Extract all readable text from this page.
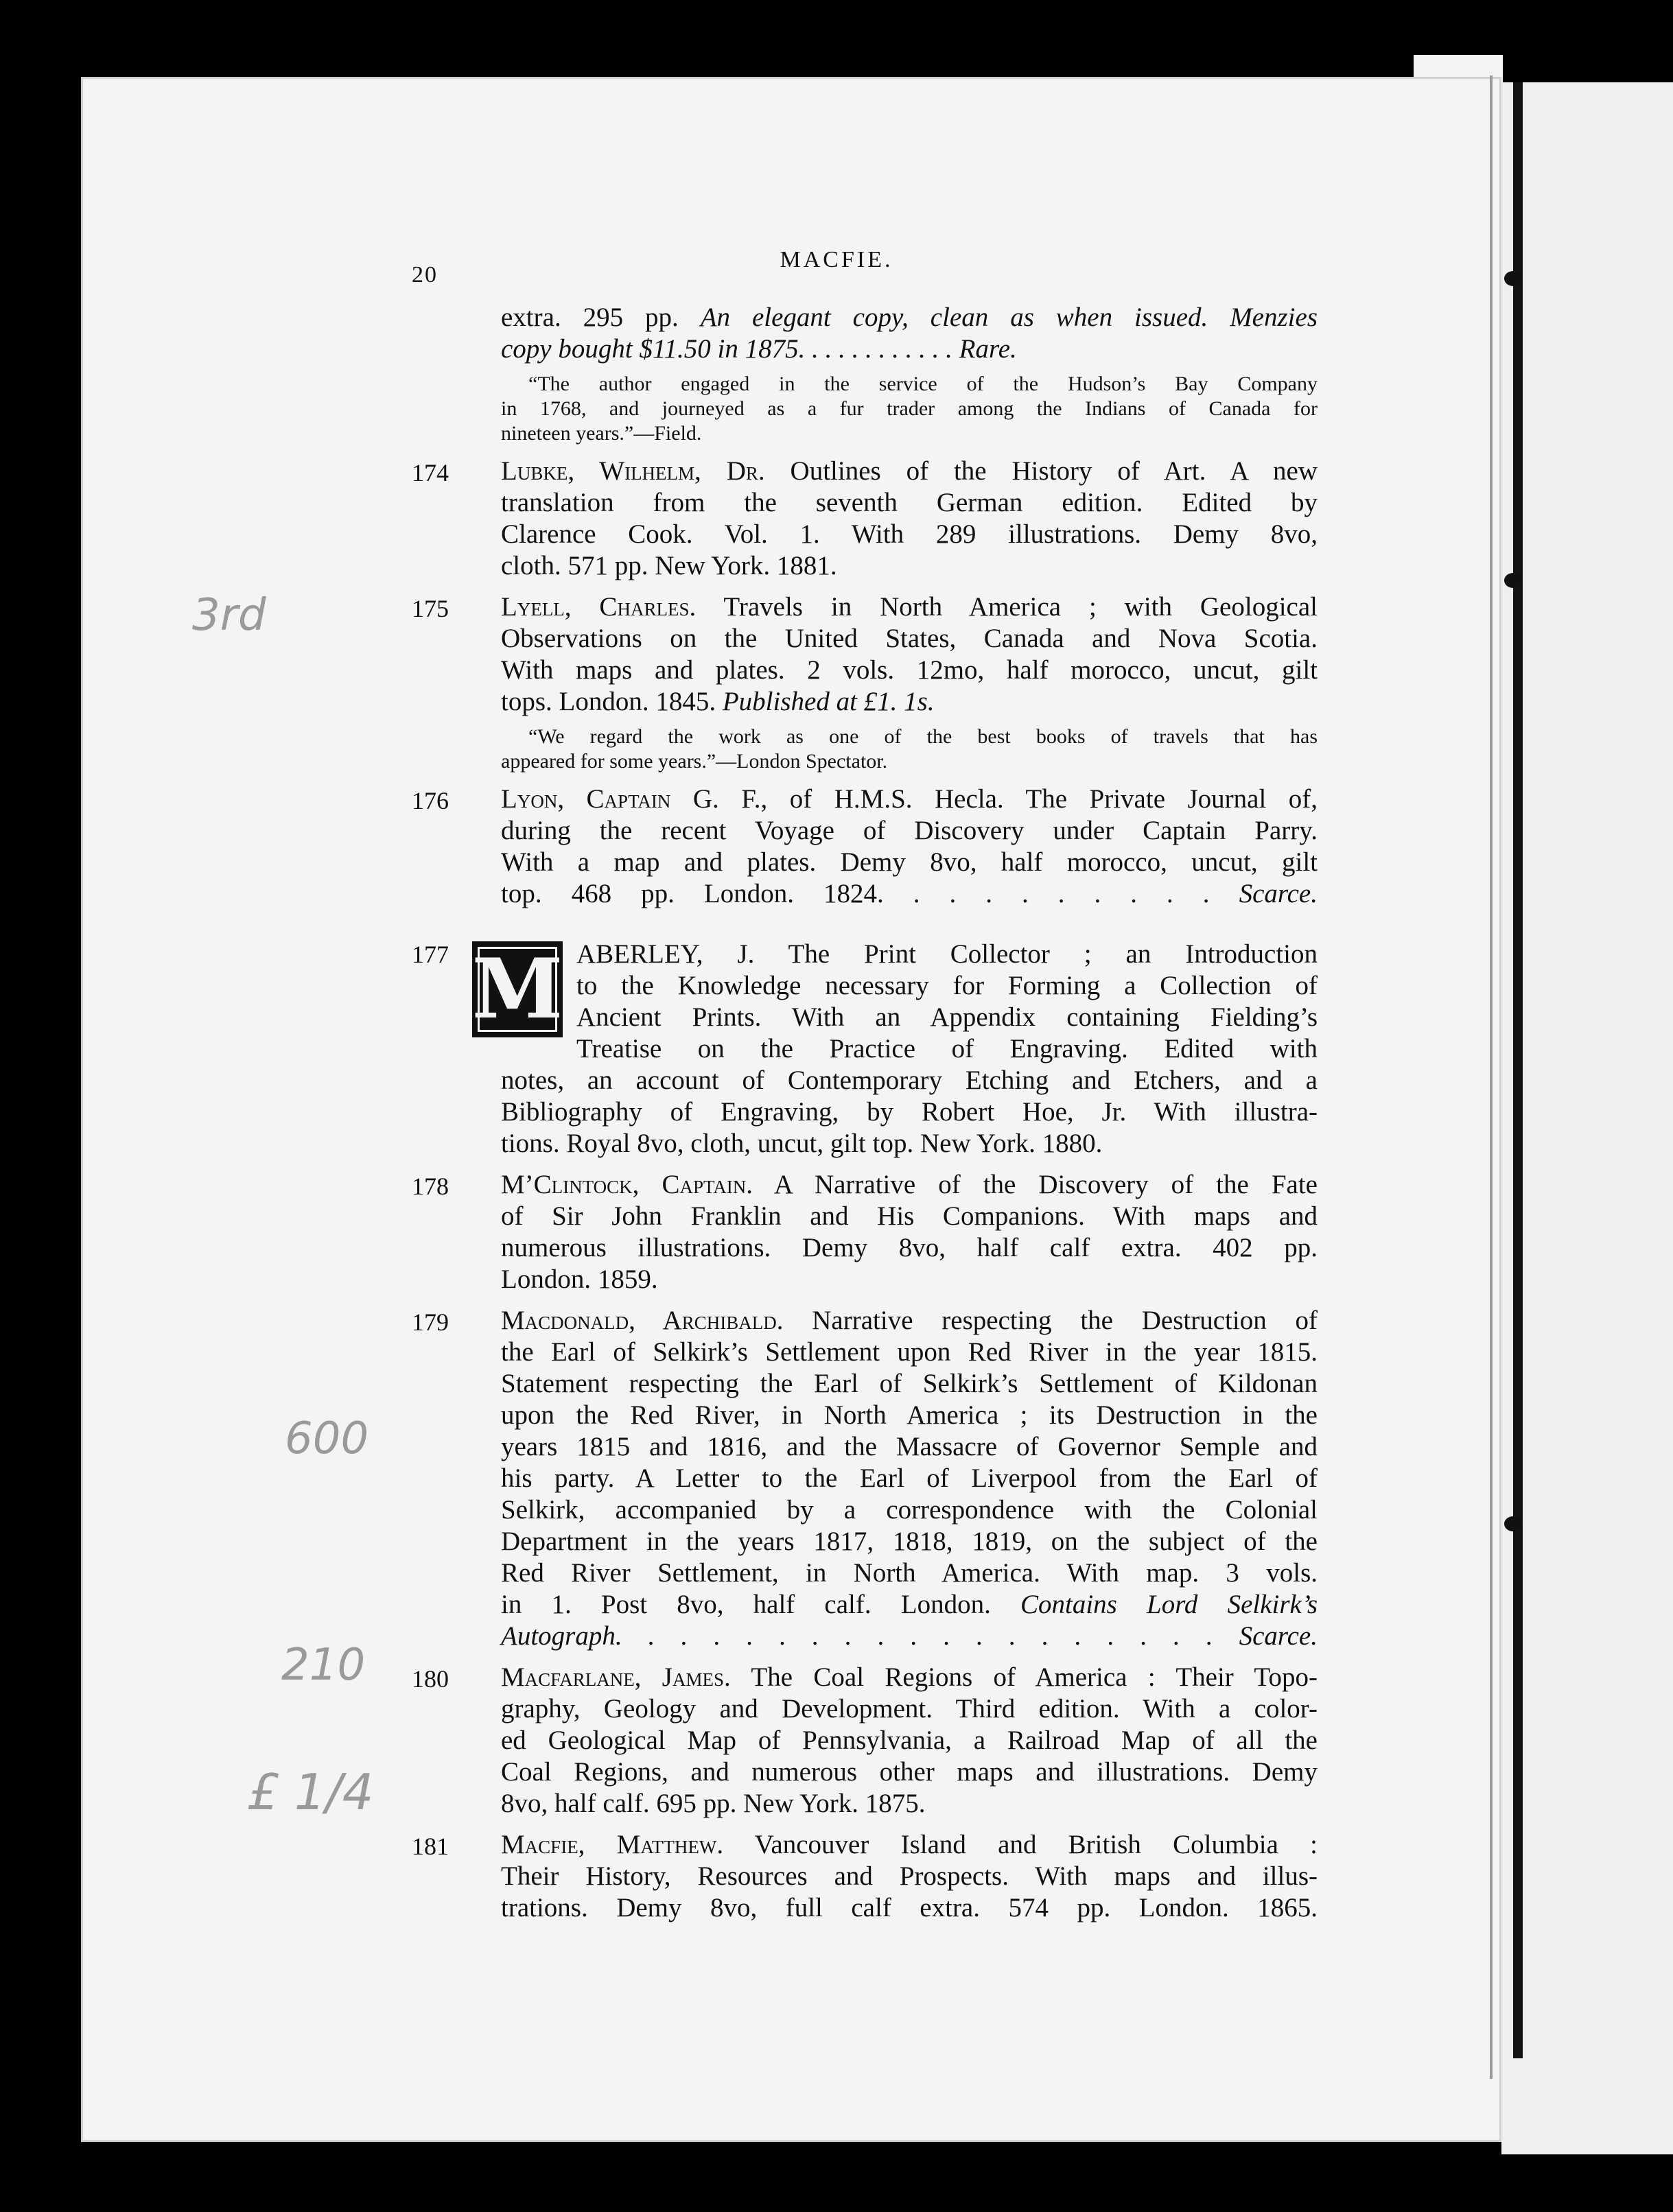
20
MACFIE.
3rd
600
210
£ 1/4
extra. 295 pp. An elegant copy, clean as when issued. Menzies
copy bought $11.50 in 1875. . . . . . . . . . . . Rare.
“The author engaged in the service of the Hudson’s Bay Company
in 1768, and journeyed as a fur trader among the Indians of Canada for
nineteen years.”—Field.
174 Lubke, Wilhelm, Dr. Outlines of the History of Art. A new
translation from the seventh German edition. Edited by
Clarence Cook. Vol. 1. With 289 illustrations. Demy 8vo,
cloth. 571 pp. New York. 1881.
175 Lyell, Charles. Travels in North America ; with Geological
Observations on the United States, Canada and Nova Scotia.
With maps and plates. 2 vols. 12mo, half morocco, uncut, gilt
tops. London. 1845. Published at £1. 1s.
“We regard the work as one of the best books of travels that has
appeared for some years.”—London Spectator.
176 Lyon, Captain G. F., of H.M.S. Hecla. The Private Journal of,
during the recent Voyage of Discovery under Captain Parry.
With a map and plates. Demy 8vo, half morocco, uncut, gilt
top. 468 pp. London. 1824. . . . . . . . . . Scarce.
177 M ABERLEY, J. The Print Collector ; an Introduction
to the Knowledge necessary for Forming a Collection of
Ancient Prints. With an Appendix containing Fielding’s
Treatise on the Practice of Engraving. Edited with
notes, an account of Contemporary Etching and Etchers, and a
Bibliography of Engraving, by Robert Hoe, Jr. With illustra-
tions. Royal 8vo, cloth, uncut, gilt top. New York. 1880.
178 M’Clintock, Captain. A Narrative of the Discovery of the Fate
of Sir John Franklin and His Companions. With maps and
numerous illustrations. Demy 8vo, half calf extra. 402 pp.
London. 1859.
179 Macdonald, Archibald. Narrative respecting the Destruction of
the Earl of Selkirk’s Settlement upon Red River in the year 1815.
Statement respecting the Earl of Selkirk’s Settlement of Kildonan
upon the Red River, in North America ; its Destruction in the
years 1815 and 1816, and the Massacre of Governor Semple and
his party. A Letter to the Earl of Liverpool from the Earl of
Selkirk, accompanied by a correspondence with the Colonial
Department in the years 1817, 1818, 1819, on the subject of the
Red River Settlement, in North America. With map. 3 vols.
in 1. Post 8vo, half calf. London. Contains Lord Selkirk’s
Autograph. . . . . . . . . . . . . . . . . . . Scarce.
180 Macfarlane, James. The Coal Regions of America : Their Topo-
graphy, Geology and Development. Third edition. With a color-
ed Geological Map of Pennsylvania, a Railroad Map of all the
Coal Regions, and numerous other maps and illustrations. Demy
8vo, half calf. 695 pp. New York. 1875.
181 Macfie, Matthew. Vancouver Island and British Columbia :
Their History, Resources and Prospects. With maps and illus-
trations. Demy 8vo, full calf extra. 574 pp. London. 1865.
